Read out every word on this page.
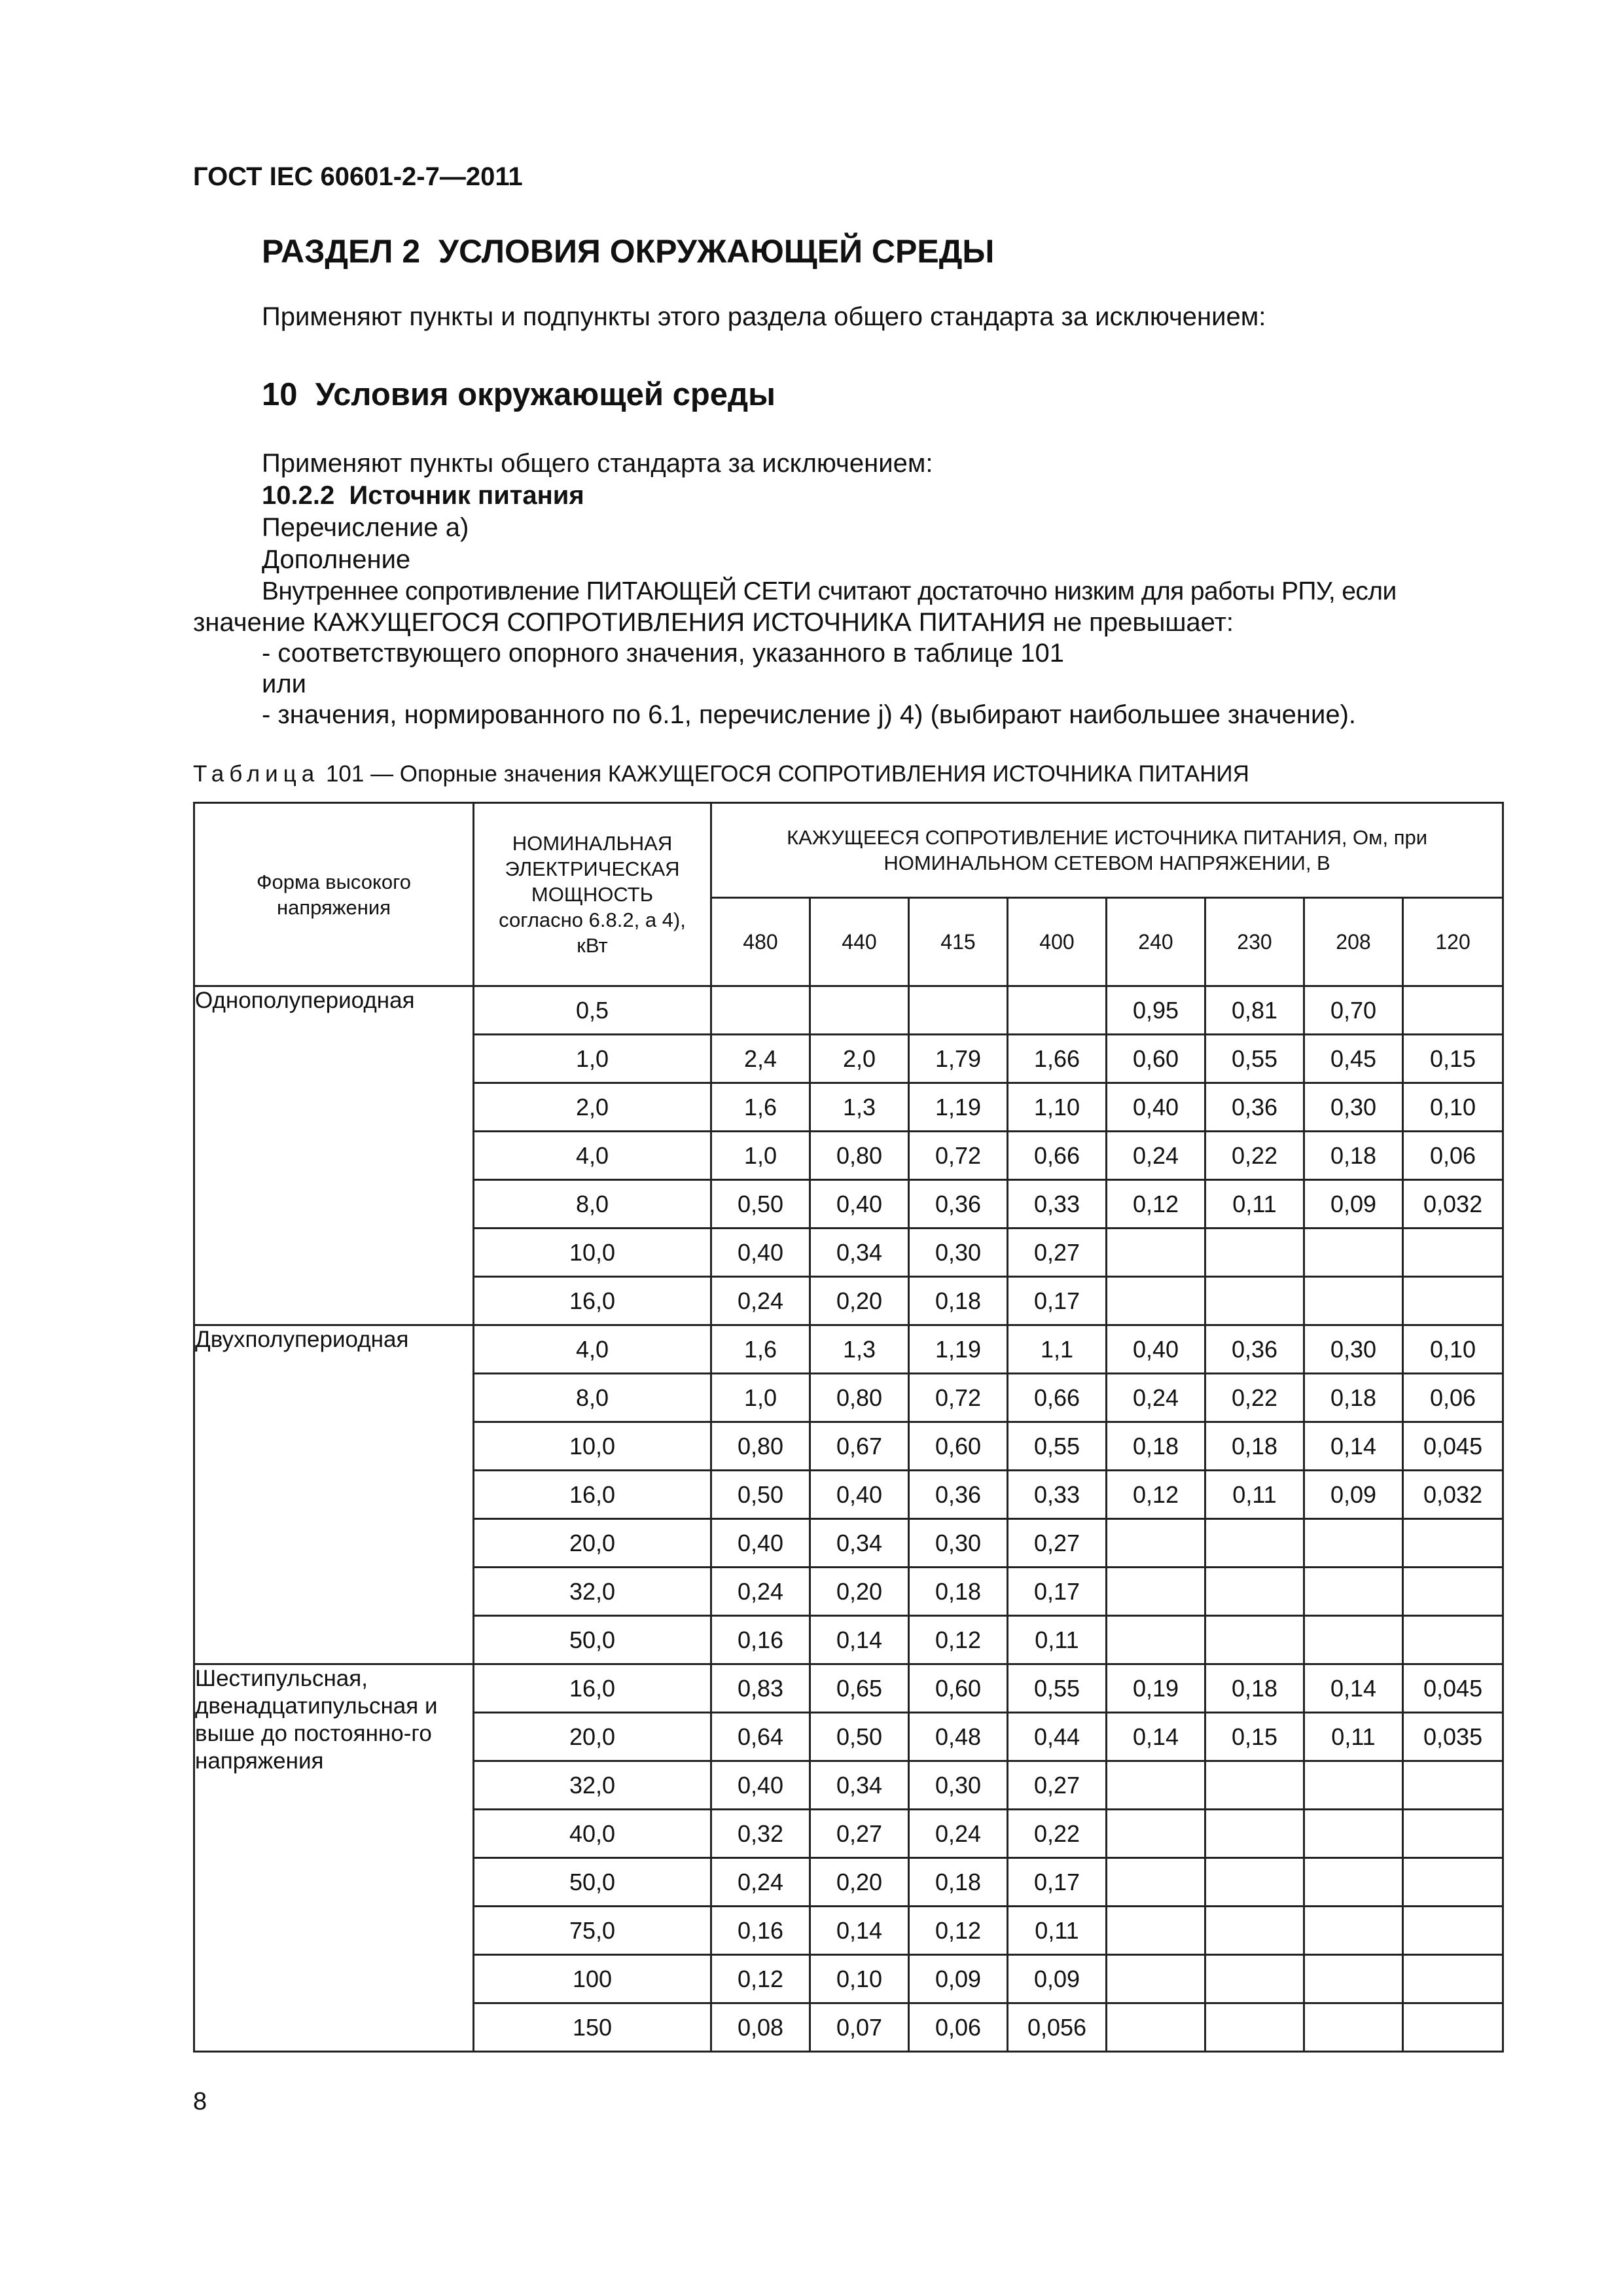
ГОСТ IEC 60601-2-7—2011
РАЗДЕЛ 2  УСЛОВИЯ ОКРУЖАЮЩЕЙ СРЕДЫ
Применяют пункты и подпункты этого раздела общего стандарта за исключением:
10  Условия окружающей среды
Применяют пункты общего стандарта за исключением:
10.2.2  Источник питания
Перечисление а)
Дополнение
Внутреннее сопротивление ПИТАЮЩЕЙ СЕТИ считают достаточно низким для работы РПУ, если
значение КАЖУЩЕГОСЯ СОПРОТИВЛЕНИЯ ИСТОЧНИКА ПИТАНИЯ не превышает:
- соответствующего опорного значения, указанного в таблице 101
или
- значения, нормированного по 6.1, перечисление j) 4) (выбирают наибольшее значение).
Таблица 101 — Опорные значения КАЖУЩЕГОСЯ СОПРОТИВЛЕНИЯ ИСТОЧНИКА ПИТАНИЯ
Форма высокого напряжения	НОМИНАЛЬНАЯ ЭЛЕКТРИЧЕСКАЯ МОЩНОСТЬ согласно 6.8.2, а 4), кВт	КАЖУЩЕЕСЯ СОПРОТИВЛЕНИЕ ИСТОЧНИКА ПИТАНИЯ, Ом, при НОМИНАЛЬНОМ СЕТЕВОМ НАПРЯЖЕНИИ, В							
		480	440	415	400	240	230	208	120
Однополупериодная	0,5					0,95	0,81	0,70	
	1,0	2,4	2,0	1,79	1,66	0,60	0,55	0,45	0,15
	2,0	1,6	1,3	1,19	1,10	0,40	0,36	0,30	0,10
	4,0	1,0	0,80	0,72	0,66	0,24	0,22	0,18	0,06
	8,0	0,50	0,40	0,36	0,33	0,12	0,11	0,09	0,032
	10,0	0,40	0,34	0,30	0,27				
	16,0	0,24	0,20	0,18	0,17				
Двухполупериодная	4,0	1,6	1,3	1,19	1,1	0,40	0,36	0,30	0,10
	8,0	1,0	0,80	0,72	0,66	0,24	0,22	0,18	0,06
	10,0	0,80	0,67	0,60	0,55	0,18	0,18	0,14	0,045
	16,0	0,50	0,40	0,36	0,33	0,12	0,11	0,09	0,032
	20,0	0,40	0,34	0,30	0,27				
	32,0	0,24	0,20	0,18	0,17				
	50,0	0,16	0,14	0,12	0,11				
Шестипульсная, двенадцатипульсная и выше до постоянно-го напряжения	16,0	0,83	0,65	0,60	0,55	0,19	0,18	0,14	0,045
	20,0	0,64	0,50	0,48	0,44	0,14	0,15	0,11	0,035
	32,0	0,40	0,34	0,30	0,27				
	40,0	0,32	0,27	0,24	0,22				
	50,0	0,24	0,20	0,18	0,17				
	75,0	0,16	0,14	0,12	0,11				
	100	0,12	0,10	0,09	0,09				
	150	0,08	0,07	0,06	0,056				
8
